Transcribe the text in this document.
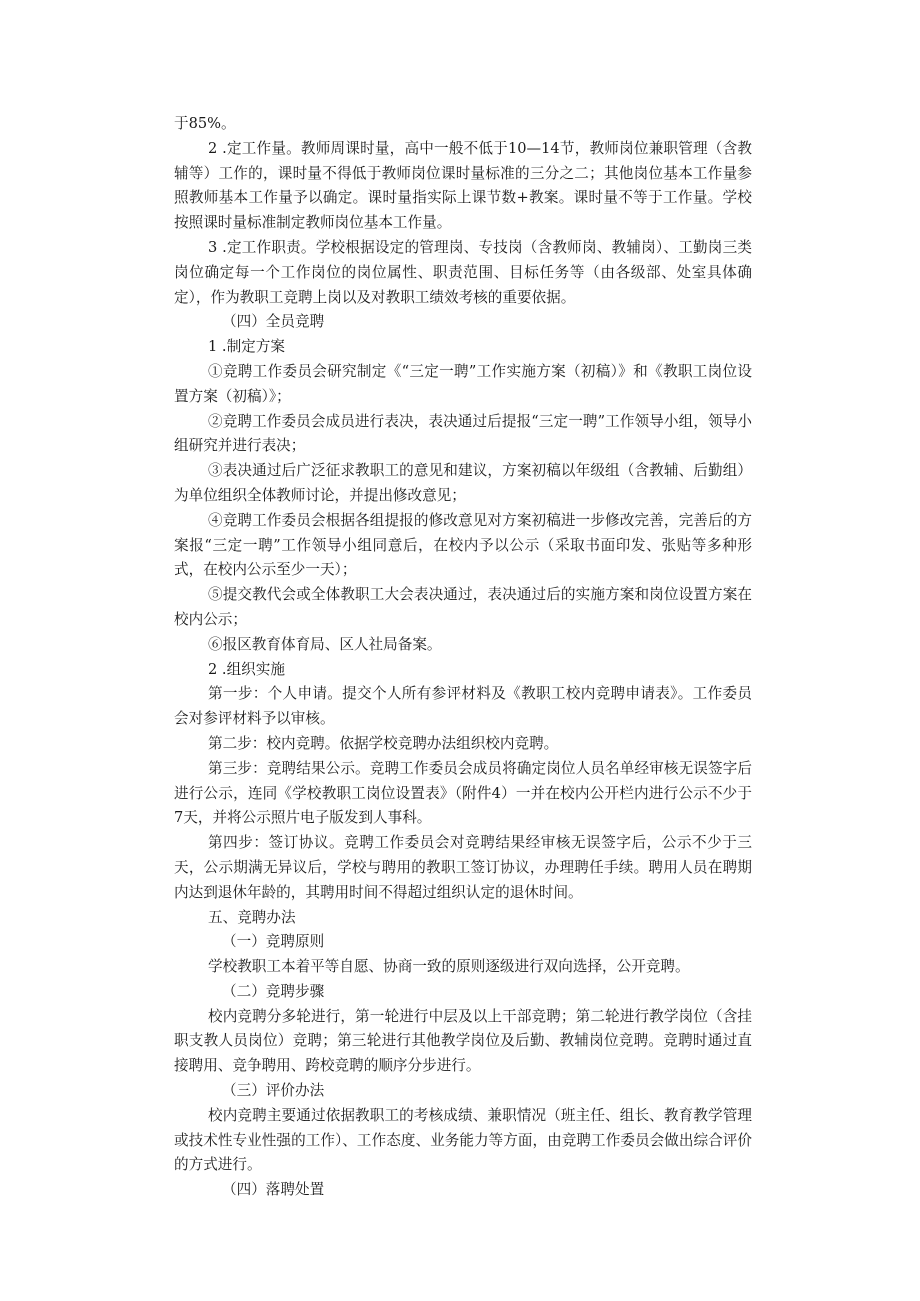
于85%。

2 .定工作量。教师周课时量，高中一般不低于10—14节，教师岗位兼职管理（含教辅等）工作的，课时量不得低于教师岗位课时量标准的三分之二；其他岗位基本工作量参照教师基本工作量予以确定。课时量指实际上课节数+教案。课时量不等于工作量。学校按照课时量标准制定教师岗位基本工作量。

3 .定工作职责。学校根据设定的管理岗、专技岗（含教师岗、教辅岗）、工勤岗三类岗位确定每一个工作岗位的岗位属性、职责范围、目标任务等（由各级部、处室具体确定），作为教职工竞聘上岗以及对教职工绩效考核的重要依据。

（四）全员竞聘

1 .制定方案

①竞聘工作委员会研究制定《“三定一聘”工作实施方案（初稿）》和《教职工岗位设置方案（初稿）》；

②竞聘工作委员会成员进行表决，表决通过后提报“三定一聘”工作领导小组，领导小组研究并进行表决；

③表决通过后广泛征求教职工的意见和建议，方案初稿以年级组（含教辅、后勤组）为单位组织全体教师讨论，并提出修改意见；

④竞聘工作委员会根据各组提报的修改意见对方案初稿进一步修改完善，完善后的方案报“三定一聘”工作领导小组同意后，在校内予以公示（采取书面印发、张贴等多种形式，在校内公示至少一天）；

⑤提交教代会或全体教职工大会表决通过，表决通过后的实施方案和岗位设置方案在校内公示；

⑥报区教育体育局、区人社局备案。

2 .组织实施

第一步：个人申请。提交个人所有参评材料及《教职工校内竞聘申请表》。工作委员会对参评材料予以审核。

第二步：校内竞聘。依据学校竞聘办法组织校内竞聘。

第三步：竞聘结果公示。竞聘工作委员会成员将确定岗位人员名单经审核无误签字后进行公示，连同《学校教职工岗位设置表》（附件4）一并在校内公开栏内进行公示不少于7天，并将公示照片电子版发到人事科。

第四步：签订协议。竞聘工作委员会对竞聘结果经审核无误签字后，公示不少于三天，公示期满无异议后，学校与聘用的教职工签订协议，办理聘任手续。聘用人员在聘期内达到退休年龄的，其聘用时间不得超过组织认定的退休时间。

五、竞聘办法

（一）竞聘原则

学校教职工本着平等自愿、协商一致的原则逐级进行双向选择，公开竞聘。

（二）竞聘步骤

校内竞聘分多轮进行，第一轮进行中层及以上干部竞聘；第二轮进行教学岗位（含挂职支教人员岗位）竞聘；第三轮进行其他教学岗位及后勤、教辅岗位竞聘。竞聘时通过直接聘用、竞争聘用、跨校竞聘的顺序分步进行。

（三）评价办法

校内竞聘主要通过依据教职工的考核成绩、兼职情况（班主任、组长、教育教学管理或技术性专业性强的工作）、工作态度、业务能力等方面，由竞聘工作委员会做出综合评价的方式进行。

（四）落聘处置
